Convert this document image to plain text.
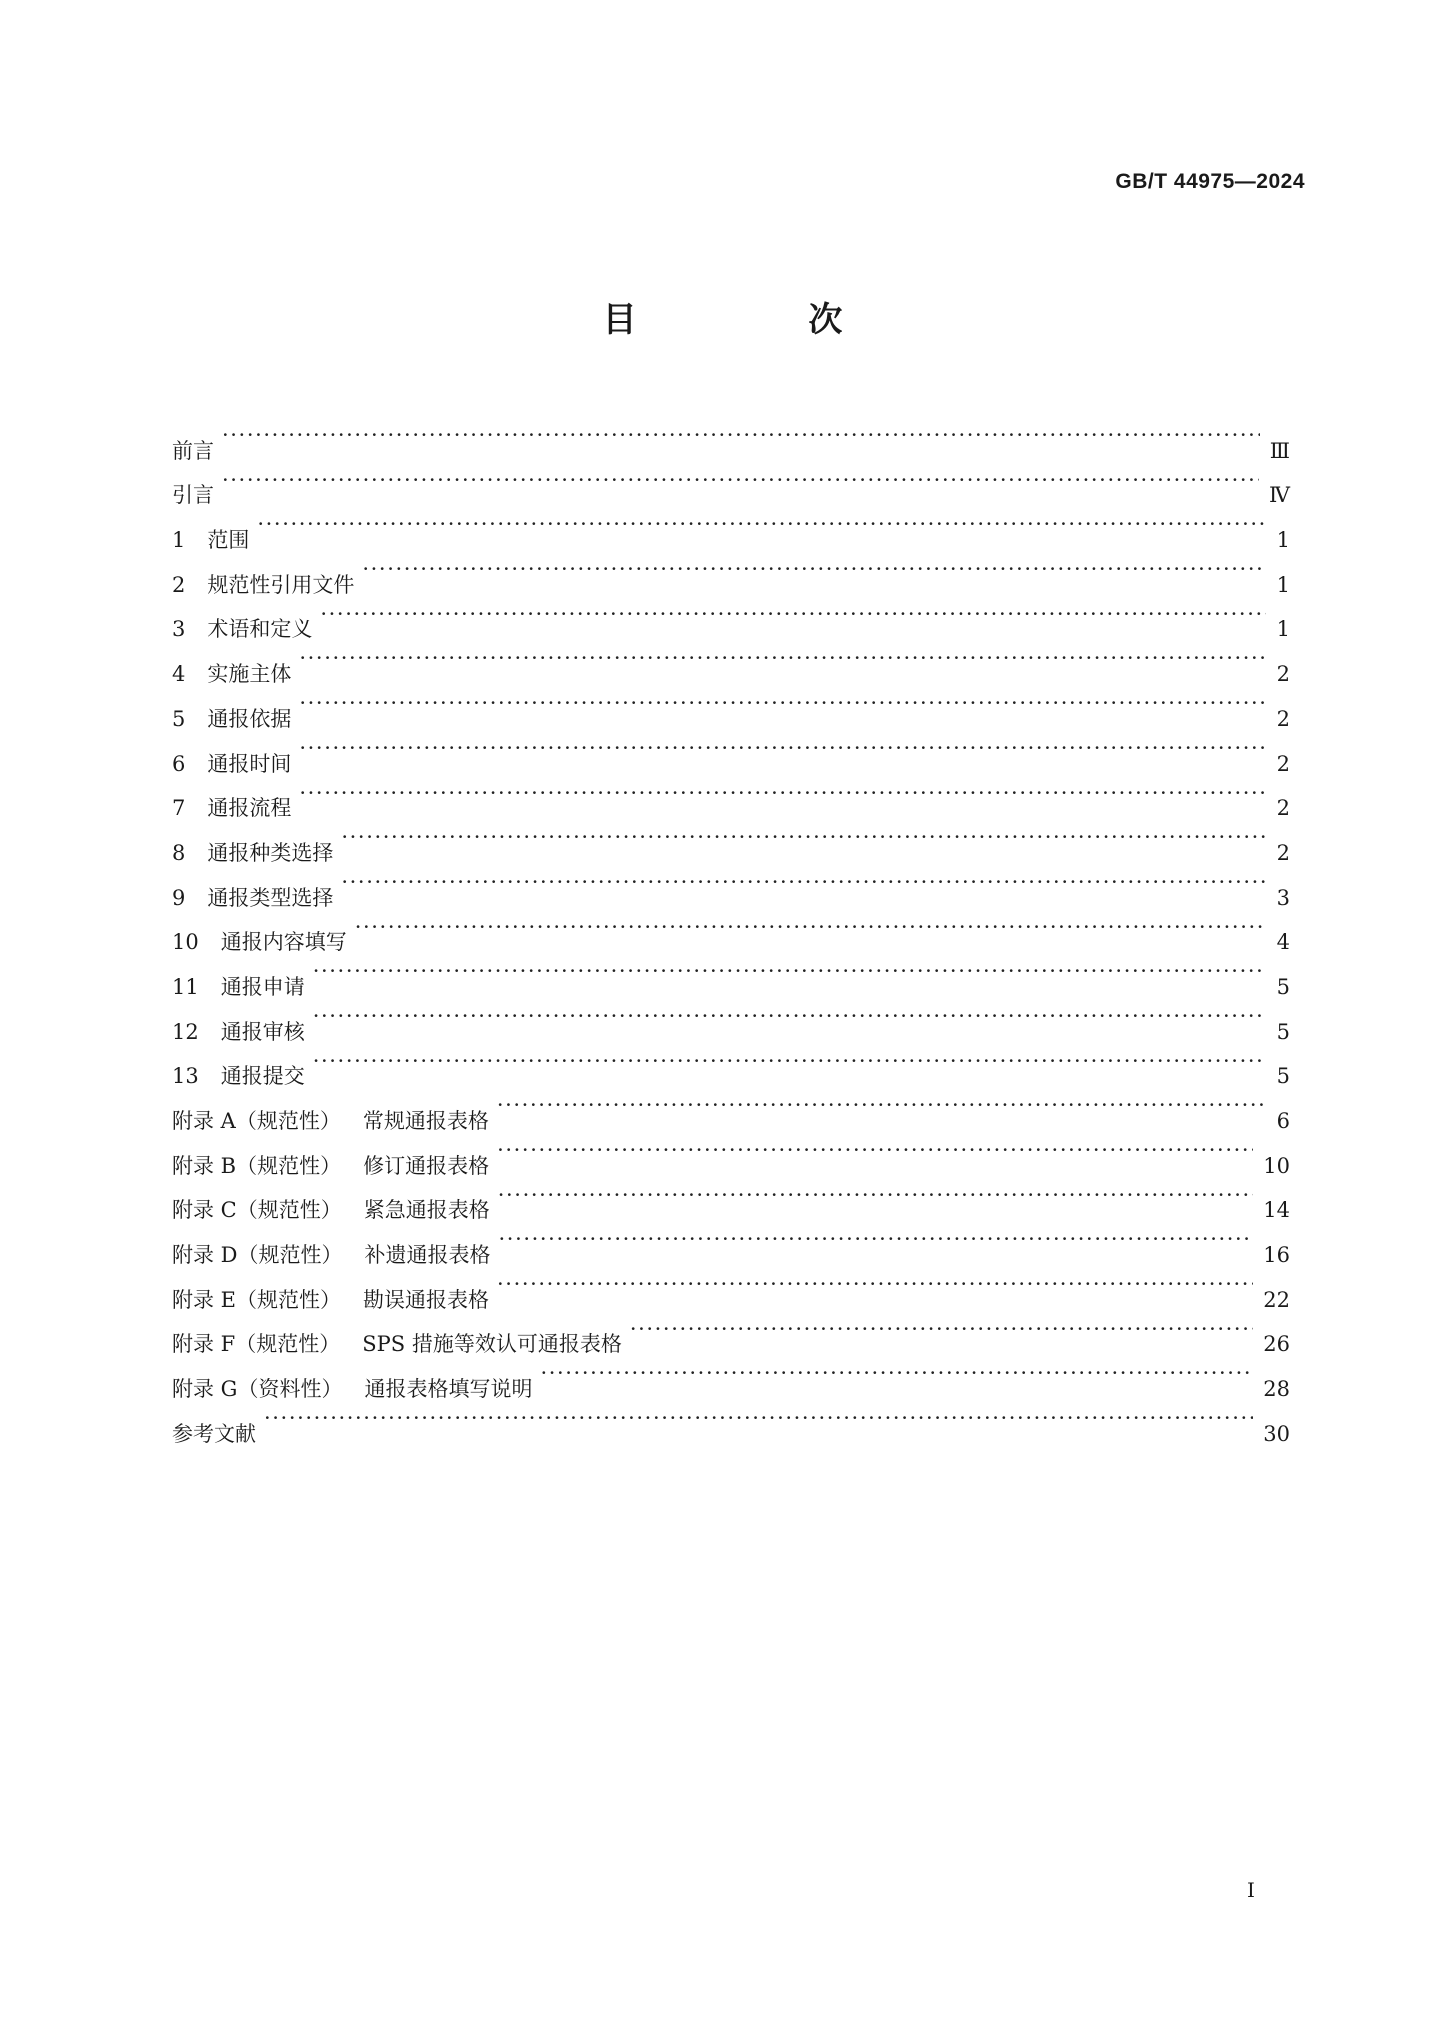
GB/T 44975—2024
目 次
前言 ·····	Ⅲ
引言 ·····	Ⅳ
1 范围 ·····	1
2 规范性引用文件 ·····	1
3 术语和定义 ·····	1
4 实施主体 ·····	2
5 通报依据 ·····	2
6 通报时间 ·····	2
7 通报流程 ·····	2
8 通报种类选择 ·····	2
9 通报类型选择 ·····	3
10 通报内容填写 ·····	4
11 通报申请 ·····	5
12 通报审核 ·····	5
13 通报提交 ·····	5
附录 A（规范性） 常规通报表格 ·····	6
附录 B（规范性） 修订通报表格 ·····	10
附录 C（规范性） 紧急通报表格 ·····	14
附录 D（规范性） 补遗通报表格 ·····	16
附录 E（规范性） 勘误通报表格 ·····	22
附录 F（规范性） SPS 措施等效认可通报表格 ·····	26
附录 G（资料性） 通报表格填写说明 ·····	28
参考文献 ·····	30
I
